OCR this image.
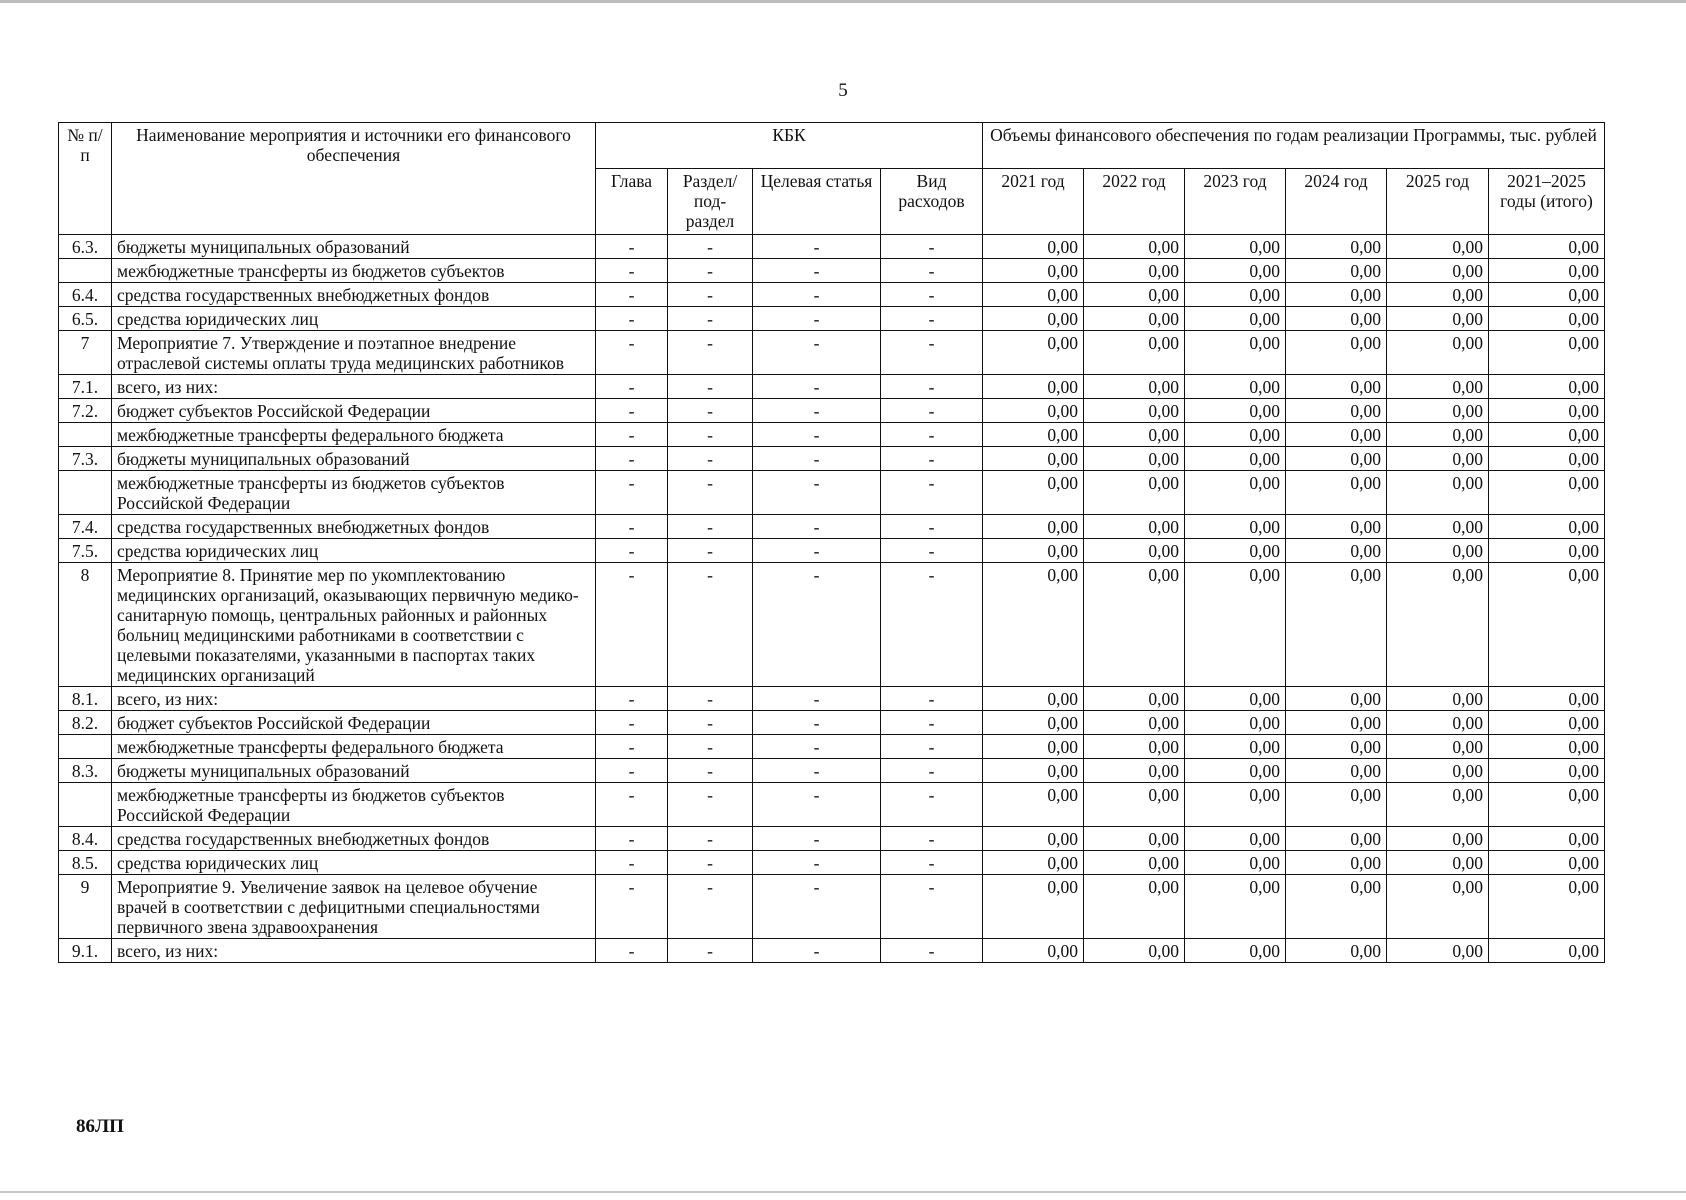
5
№ п/п	Наименование мероприятия и источники его финансового обеспечения	КБК				Объемы финансового обеспечения по годам реализации Программы, тыс. рублей					
		Глава	Раздел/ под-раздел	Целевая статья	Вид расходов	2021 год	2022 год	2023 год	2024 год	2025 год	2021–2025 годы (итого)
6.3.	бюджеты муниципальных образований	-	-	-	-	0,00	0,00	0,00	0,00	0,00	0,00
	межбюджетные трансферты из бюджетов субъектов	-	-	-	-	0,00	0,00	0,00	0,00	0,00	0,00
6.4.	средства государственных внебюджетных фондов	-	-	-	-	0,00	0,00	0,00	0,00	0,00	0,00
6.5.	средства юридических лиц	-	-	-	-	0,00	0,00	0,00	0,00	0,00	0,00
7	Мероприятие 7. Утверждение и поэтапное внедрение отраслевой системы оплаты труда медицинских работников	-	-	-	-	0,00	0,00	0,00	0,00	0,00	0,00
7.1.	всего, из них:	-	-	-	-	0,00	0,00	0,00	0,00	0,00	0,00
7.2.	бюджет субъектов Российской Федерации	-	-	-	-	0,00	0,00	0,00	0,00	0,00	0,00
	межбюджетные трансферты федерального бюджета	-	-	-	-	0,00	0,00	0,00	0,00	0,00	0,00
7.3.	бюджеты муниципальных образований	-	-	-	-	0,00	0,00	0,00	0,00	0,00	0,00
	межбюджетные трансферты из бюджетов субъектов Российской Федерации	-	-	-	-	0,00	0,00	0,00	0,00	0,00	0,00
7.4.	средства государственных внебюджетных фондов	-	-	-	-	0,00	0,00	0,00	0,00	0,00	0,00
7.5.	средства юридических лиц	-	-	-	-	0,00	0,00	0,00	0,00	0,00	0,00
8	Мероприятие 8. Принятие мер по укомплектованию медицинских организаций, оказывающих первичную медико-санитарную помощь, центральных районных и районных больниц медицинскими работниками в соответствии с целевыми показателями, указанными в паспортах таких медицинских организаций	-	-	-	-	0,00	0,00	0,00	0,00	0,00	0,00
8.1.	всего, из них:	-	-	-	-	0,00	0,00	0,00	0,00	0,00	0,00
8.2.	бюджет субъектов Российской Федерации	-	-	-	-	0,00	0,00	0,00	0,00	0,00	0,00
	межбюджетные трансферты федерального бюджета	-	-	-	-	0,00	0,00	0,00	0,00	0,00	0,00
8.3.	бюджеты муниципальных образований	-	-	-	-	0,00	0,00	0,00	0,00	0,00	0,00
	межбюджетные трансферты из бюджетов субъектов Российской Федерации	-	-	-	-	0,00	0,00	0,00	0,00	0,00	0,00
8.4.	средства государственных внебюджетных фондов	-	-	-	-	0,00	0,00	0,00	0,00	0,00	0,00
8.5.	средства юридических лиц	-	-	-	-	0,00	0,00	0,00	0,00	0,00	0,00
9	Мероприятие 9. Увеличение заявок на целевое обучение врачей в соответствии с дефицитными специальностями первичного звена здравоохранения	-	-	-	-	0,00	0,00	0,00	0,00	0,00	0,00
9.1.	всего, из них:	-	-	-	-	0,00	0,00	0,00	0,00	0,00	0,00
86ЛП
